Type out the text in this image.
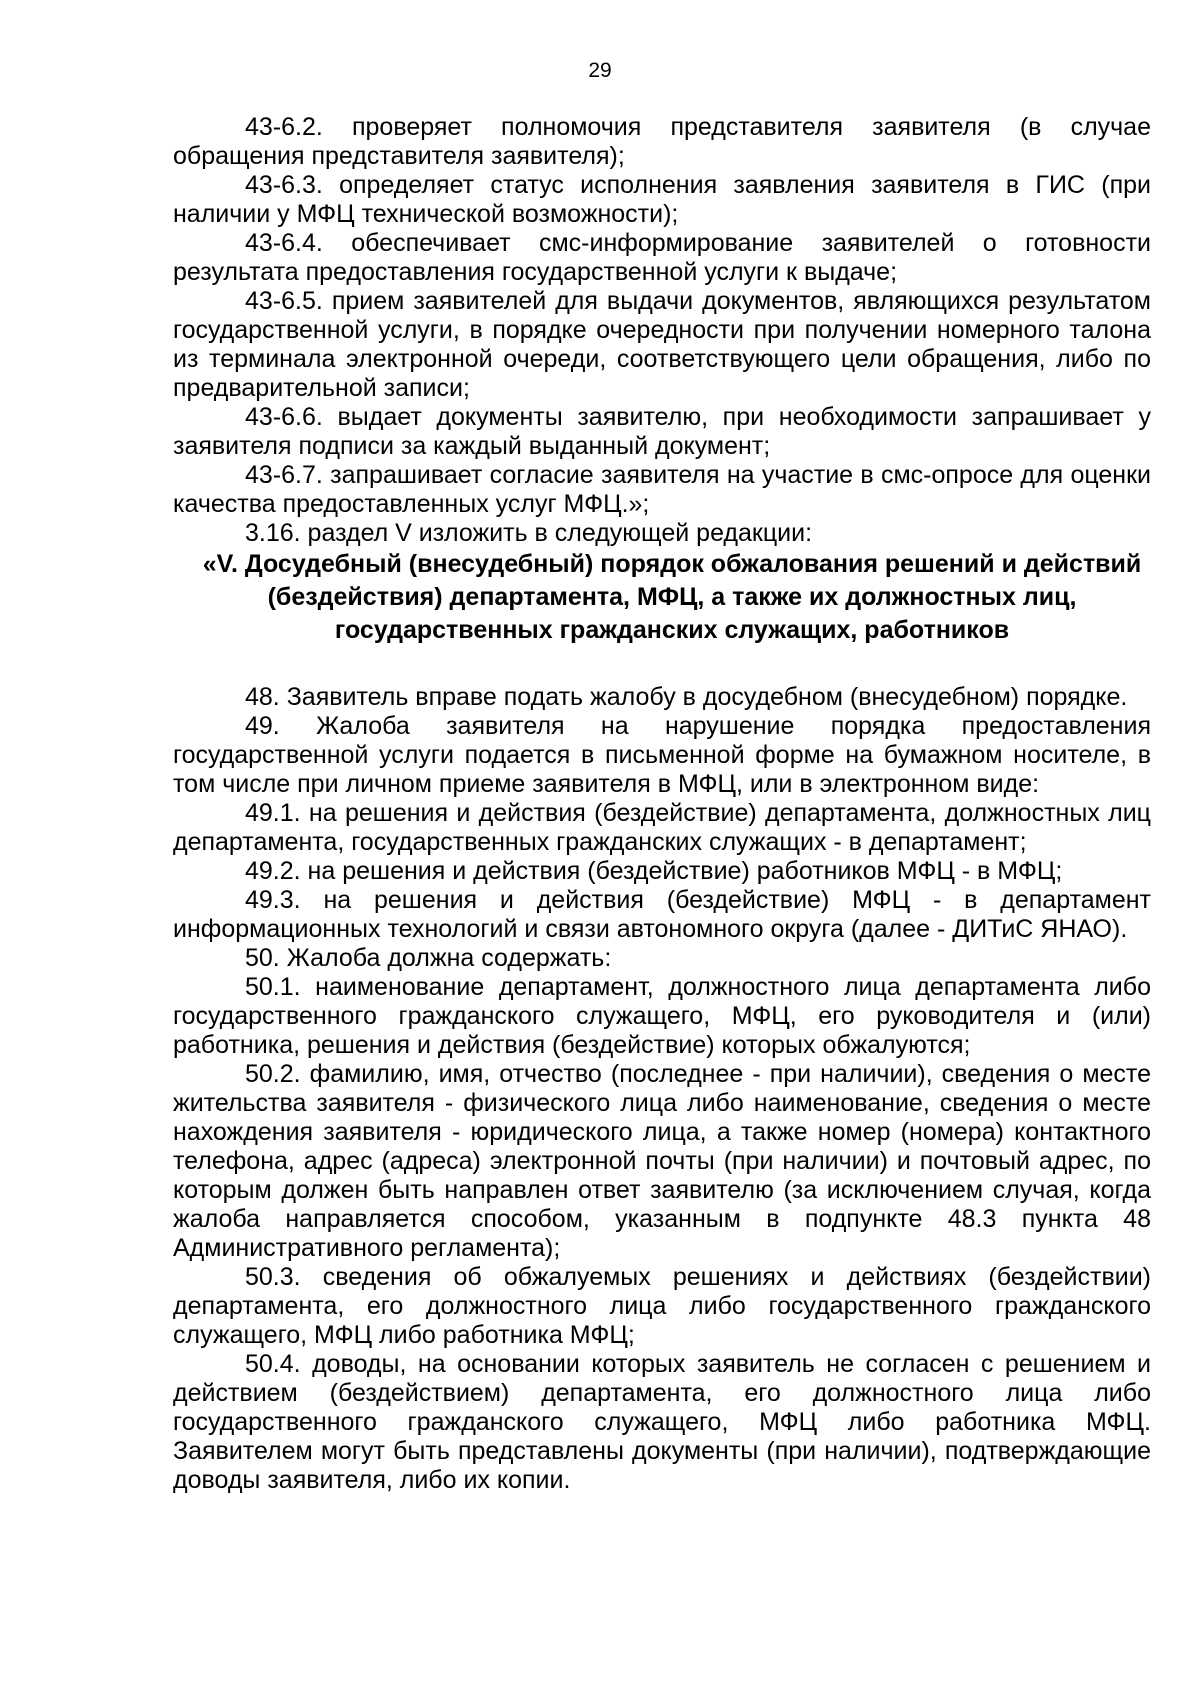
29

43-6.2. проверяет полномочия представителя заявителя (в случае обращения представителя заявителя);

43-6.3. определяет статус исполнения заявления заявителя в ГИС (при наличии у МФЦ технической возможности);

43-6.4. обеспечивает смс-информирование заявителей о готовности результата предоставления государственной услуги к выдаче;

43-6.5. прием заявителей для выдачи документов, являющихся результатом государственной услуги, в порядке очередности при получении номерного талона из терминала электронной очереди, соответствующего цели обращения, либо по предварительной записи;

43-6.6. выдает документы заявителю, при необходимости запрашивает у заявителя подписи за каждый выданный документ;

43-6.7. запрашивает согласие заявителя на участие в смс-опросе для оценки качества предоставленных услуг МФЦ.»;

3.16. раздел V изложить в следующей редакции:

«V. Досудебный (внесудебный) порядок обжалования решений и действий (бездействия) департамента, МФЦ, а также их должностных лиц, государственных гражданских служащих, работников

48. Заявитель вправе подать жалобу в досудебном (внесудебном) порядке.

49. Жалоба заявителя на нарушение порядка предоставления государственной услуги подается в письменной форме на бумажном носителе, в том числе при личном приеме заявителя в МФЦ, или в электронном виде:

49.1. на решения и действия (бездействие) департамента, должностных лиц департамента, государственных гражданских служащих - в департамент;

49.2. на решения и действия (бездействие) работников МФЦ - в МФЦ;

49.3. на решения и действия (бездействие) МФЦ - в департамент информационных технологий и связи автономного округа (далее - ДИТиС ЯНАО).

50. Жалоба должна содержать:

50.1. наименование департамент, должностного лица департамента либо государственного гражданского служащего, МФЦ, его руководителя и (или) работника, решения и действия (бездействие) которых обжалуются;

50.2. фамилию, имя, отчество (последнее - при наличии), сведения о месте жительства заявителя - физического лица либо наименование, сведения о месте нахождения заявителя - юридического лица, а также номер (номера) контактного телефона, адрес (адреса) электронной почты (при наличии) и почтовый адрес, по которым должен быть направлен ответ заявителю (за исключением случая, когда жалоба направляется способом, указанным в подпункте 48.3 пункта 48 Административного регламента);

50.3. сведения об обжалуемых решениях и действиях (бездействии) департамента, его должностного лица либо государственного гражданского служащего, МФЦ либо работника МФЦ;

50.4. доводы, на основании которых заявитель не согласен с решением и действием (бездействием) департамента, его должностного лица либо государственного гражданского служащего, МФЦ либо работника МФЦ. Заявителем могут быть представлены документы (при наличии), подтверждающие доводы заявителя, либо их копии.
